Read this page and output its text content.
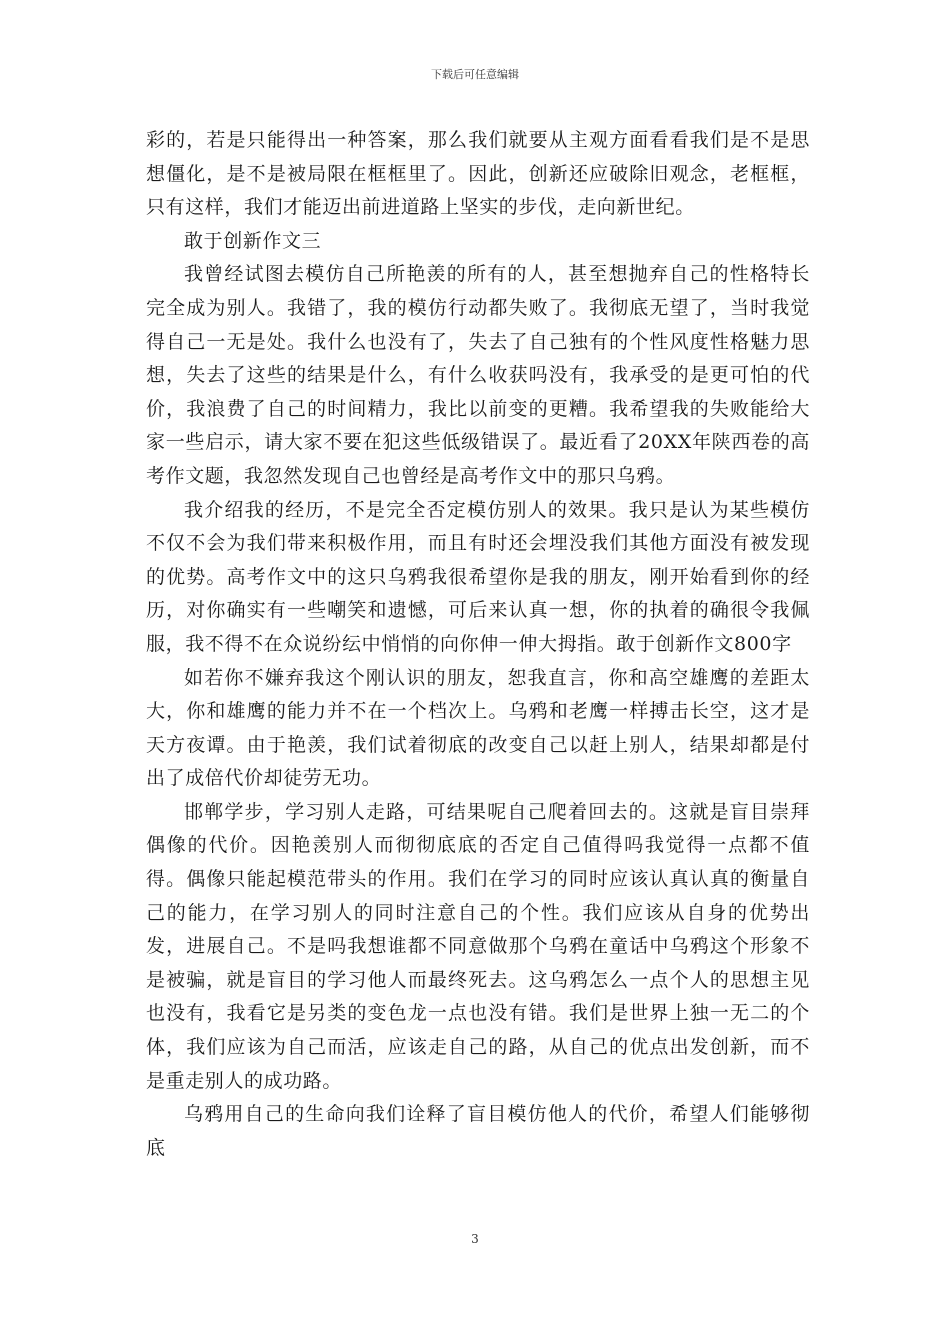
下载后可任意编辑

彩的，若是只能得出一种答案，那么我们就要从主观方面看看我们是不是思想僵化，是不是被局限在框框里了。因此，创新还应破除旧观念，老框框，只有这样，我们才能迈出前进道路上坚实的步伐，走向新世纪。

敢于创新作文三

我曾经试图去模仿自己所艳羡的所有的人，甚至想抛弃自己的性格特长完全成为别人。我错了，我的模仿行动都失败了。我彻底无望了，当时我觉得自己一无是处。我什么也没有了，失去了自己独有的个性风度性格魅力思想，失去了这些的结果是什么，有什么收获吗没有，我承受的是更可怕的代价，我浪费了自己的时间精力，我比以前变的更糟。我希望我的失败能给大家一些启示，请大家不要在犯这些低级错误了。最近看了20XX年陕西卷的高考作文题，我忽然发现自己也曾经是高考作文中的那只乌鸦。

我介绍我的经历，不是完全否定模仿别人的效果。我只是认为某些模仿不仅不会为我们带来积极作用，而且有时还会埋没我们其他方面没有被发现的优势。高考作文中的这只乌鸦我很希望你是我的朋友，刚开始看到你的经历，对你确实有一些嘲笑和遗憾，可后来认真一想，你的执着的确很令我佩服，我不得不在众说纷纭中悄悄的向你伸一伸大拇指。敢于创新作文800字

如若你不嫌弃我这个刚认识的朋友，恕我直言，你和高空雄鹰的差距太大，你和雄鹰的能力并不在一个档次上。乌鸦和老鹰一样搏击长空，这才是天方夜谭。由于艳羡，我们试着彻底的改变自己以赶上别人，结果却都是付出了成倍代价却徒劳无功。

邯郸学步，学习别人走路，可结果呢自己爬着回去的。这就是盲目崇拜偶像的代价。因艳羡别人而彻彻底底的否定自己值得吗我觉得一点都不值得。偶像只能起模范带头的作用。我们在学习的同时应该认真认真的衡量自己的能力，在学习别人的同时注意自己的个性。我们应该从自身的优势出发，进展自己。不是吗我想谁都不同意做那个乌鸦在童话中乌鸦这个形象不是被骗，就是盲目的学习他人而最终死去。这乌鸦怎么一点个人的思想主见也没有，我看它是另类的变色龙一点也没有错。我们是世界上独一无二的个体，我们应该为自己而活，应该走自己的路，从自己的优点出发创新，而不是重走别人的成功路。

乌鸦用自己的生命向我们诠释了盲目模仿他人的代价，希望人们能够彻底

3
